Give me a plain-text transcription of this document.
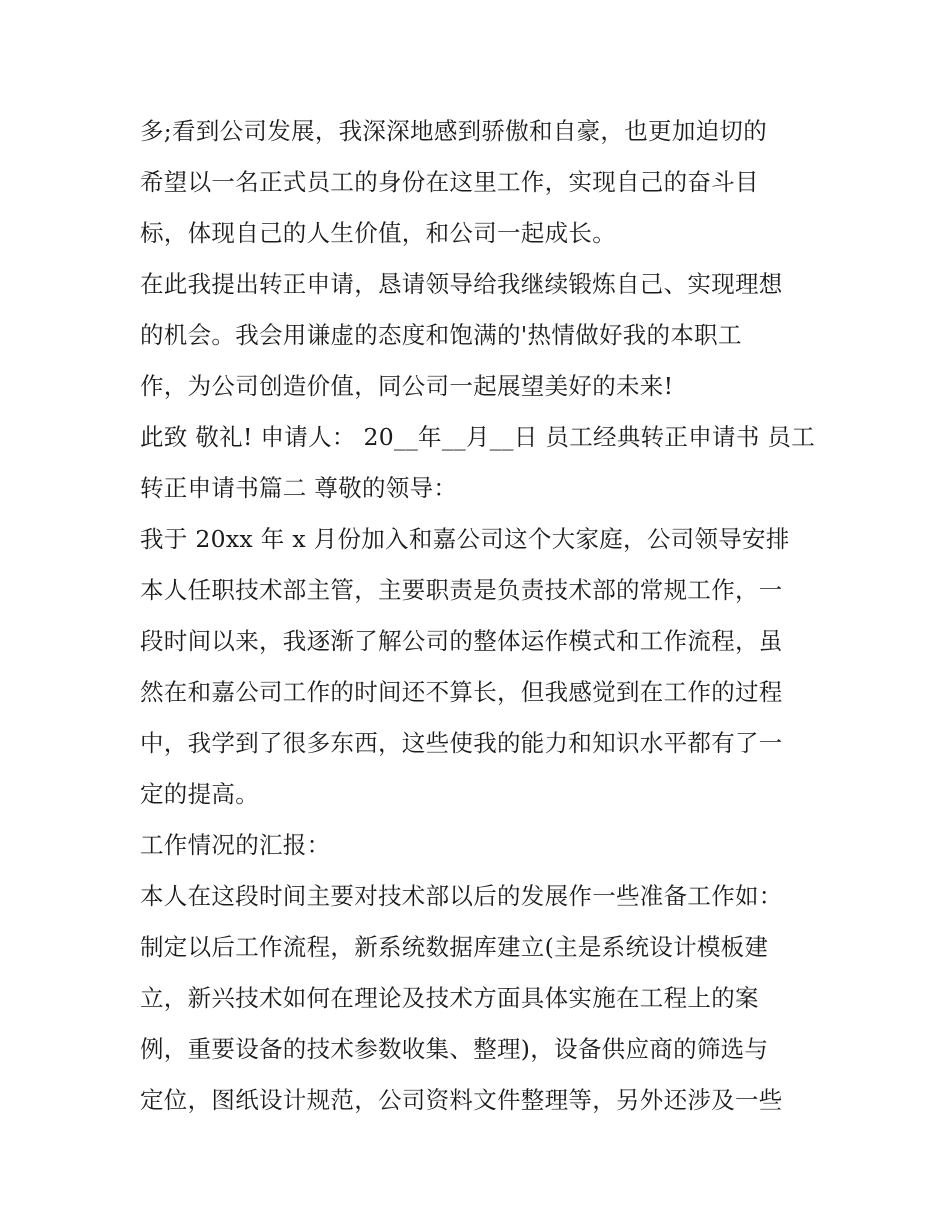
多;看到公司发展，我深深地感到骄傲和自豪，也更加迫切的
希望以一名正式员工的身份在这里工作，实现自己的奋斗目
标，体现自己的人生价值，和公司一起成长。
在此我提出转正申请，恳请领导给我继续锻炼自己、实现理想
的机会。我会用谦虚的态度和饱满的'热情做好我的本职工
作，为公司创造价值，同公司一起展望美好的未来!
此致 敬礼! 申请人： 20__年__月__日 员工经典转正申请书 员工
转正申请书篇二 尊敬的领导：
我于 20xx 年 x 月份加入和嘉公司这个大家庭，公司领导安排
本人任职技术部主管，主要职责是负责技术部的常规工作，一
段时间以来，我逐渐了解公司的整体运作模式和工作流程，虽
然在和嘉公司工作的时间还不算长，但我感觉到在工作的过程
中，我学到了很多东西，这些使我的能力和知识水平都有了一
定的提高。
工作情况的汇报：
本人在这段时间主要对技术部以后的发展作一些准备工作如：
制定以后工作流程，新系统数据库建立(主是系统设计模板建
立，新兴技术如何在理论及技术方面具体实施在工程上的案
例，重要设备的技术参数收集、整理)，设备供应商的筛选与
定位，图纸设计规范，公司资料文件整理等，另外还涉及一些
